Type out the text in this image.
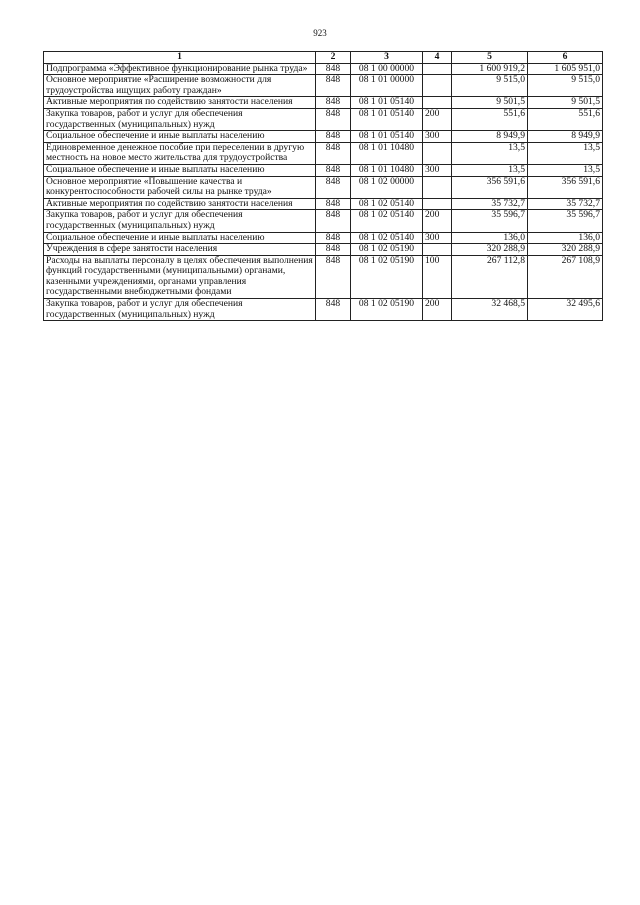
923
1	2	3	4	5	6
Подпрограмма «Эффективное функционирование рынка труда»	848	08 1 00 00000		1 600 919,2	1 605 951,0
Основное мероприятие «Расширение возможности для трудоустройства ищущих работу граждан»	848	08 1 01 00000		9 515,0	9 515,0
Активные мероприятия по содействию занятости населения	848	08 1 01 05140		9 501,5	9 501,5
Закупка товаров, работ и услуг для обеспечения государственных (муниципальных) нужд	848	08 1 01 05140	200	551,6	551,6
Социальное обеспечение и иные выплаты населению	848	08 1 01 05140	300	8 949,9	8 949,9
Единовременное денежное пособие при переселении в другую местность на новое место жительства для трудоустройства	848	08 1 01 10480		13,5	13,5
Социальное обеспечение и иные выплаты населению	848	08 1 01 10480	300	13,5	13,5
Основное мероприятие «Повышение качества и конкурентоспособности рабочей силы на рынке труда»	848	08 1 02 00000		356 591,6	356 591,6
Активные мероприятия по содействию занятости населения	848	08 1 02 05140		35 732,7	35 732,7
Закупка товаров, работ и услуг для обеспечения государственных (муниципальных) нужд	848	08 1 02 05140	200	35 596,7	35 596,7
Социальное обеспечение и иные выплаты населению	848	08 1 02 05140	300	136,0	136,0
Учреждения в сфере занятости населения	848	08 1 02 05190		320 288,9	320 288,9
Расходы на выплаты персоналу в целях обеспечения выполнения функций государственными (муниципальными) органами, казенными учреждениями, органами управления государственными внебюджетными фондами	848	08 1 02 05190	100	267 112,8	267 108,9
Закупка товаров, работ и услуг для обеспечения государственных (муниципальных) нужд	848	08 1 02 05190	200	32 468,5	32 495,6
